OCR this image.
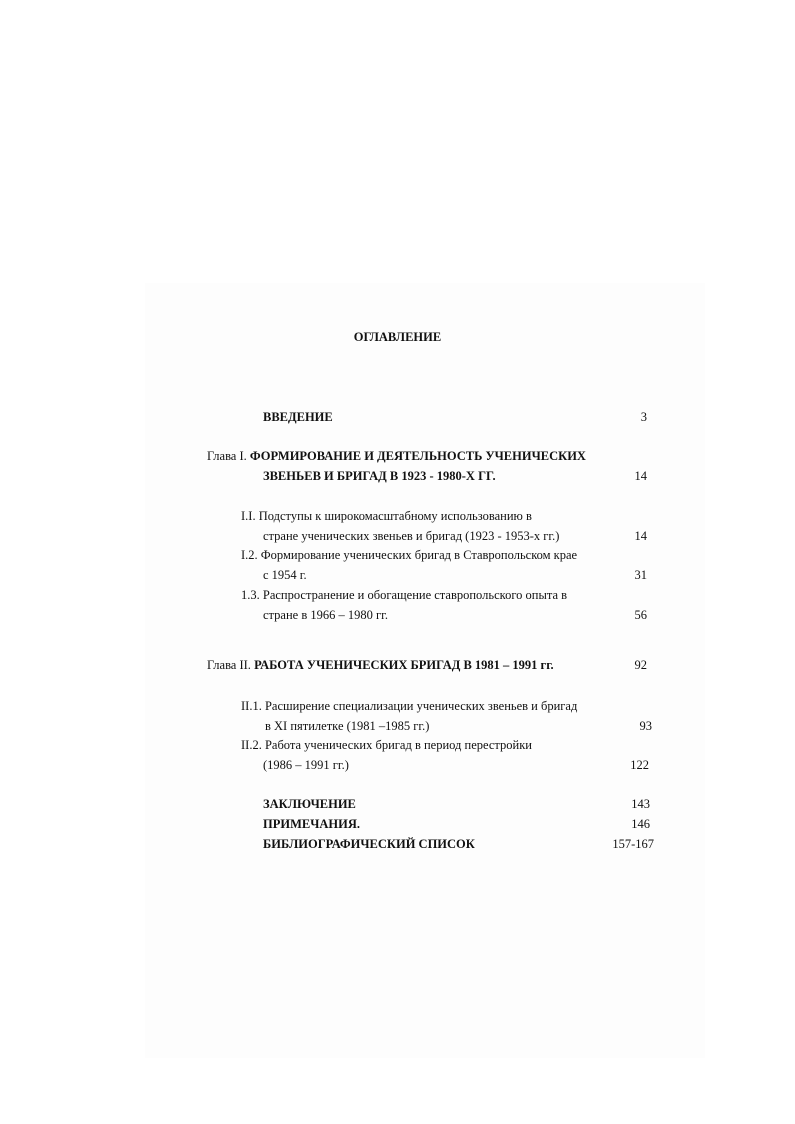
ОГЛАВЛЕНИЕ
ВВЕДЕНИЕ	3
Глава I. ФОРМИРОВАНИЕ И ДЕЯТЕЛЬНОСТЬ УЧЕНИЧЕСКИХ
ЗВЕНЬЕВ И БРИГАД В 1923 - 1980-Х ГГ.	14
I.I. Подступы к широкомасштабному использованию в
стране ученических звеньев и бригад (1923 - 1953-х гг.)	14
I.2. Формирование ученических бригад в Ставропольском крае
с 1954 г.	31
1.3. Распространение и обогащение ставропольского опыта в
стране в 1966 – 1980 гг.	56
Глава II. РАБОТА УЧЕНИЧЕСКИХ БРИГАД В 1981 – 1991 гг.	92
II.1. Расширение специализации ученических звеньев и бригад
в XI пятилетке (1981 –1985 гг.)	93
II.2. Работа ученических бригад в период перестройки
(1986 – 1991 гг.)	122
ЗАКЛЮЧЕНИЕ	143
ПРИМЕЧАНИЯ.	146
БИБЛИОГРАФИЧЕСКИЙ СПИСОК	157-167
